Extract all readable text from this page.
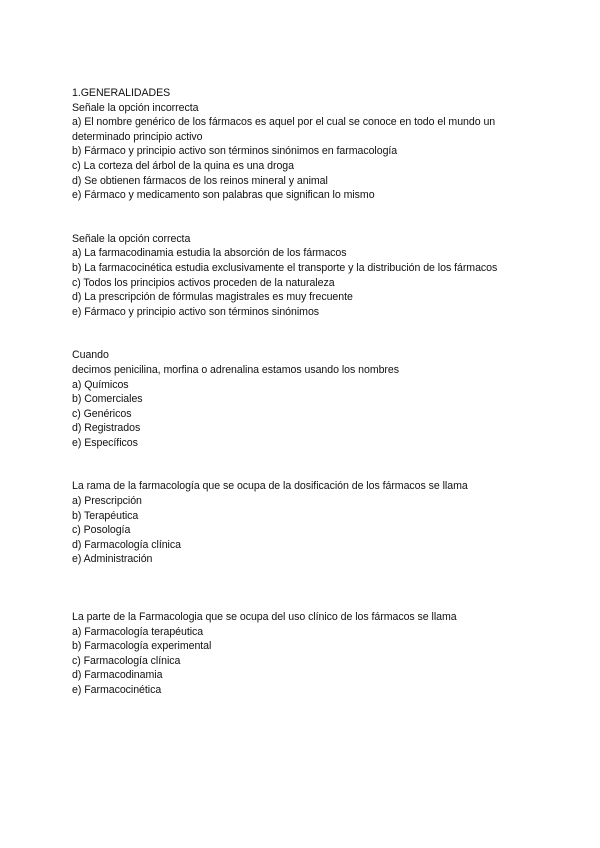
1.GENERALIDADES
Señale la opción incorrecta
a) El nombre genérico de los fármacos es aquel por el cual se conoce en todo el mundo un determinado principio activo
b) Fármaco y principio activo son términos sinónimos en farmacología
c) La corteza del árbol de la quina es una droga
d) Se obtienen fármacos de los reinos mineral y animal
e) Fármaco y medicamento son palabras que significan lo mismo
Señale la opción correcta
a) La farmacodinamia estudia la absorción de los fármacos
b) La farmacocinética estudia exclusivamente el transporte y la distribución de los fármacos
c) Todos los principios activos proceden de la naturaleza
d) La prescripción de fórmulas magistrales es muy frecuente
e) Fármaco y principio activo son términos sinónimos
Cuando
decimos penicilina, morfina o adrenalina estamos usando los nombres
a) Químicos
b) Comerciales
c) Genéricos
d) Registrados
e) Específicos
La rama de la farmacología que se ocupa de la dosificación de los fármacos se llama
a) Prescripción
b) Terapéutica
c) Posología
d) Farmacología clínica
e) Administración
La parte de la Farmacologia que se ocupa del uso clínico de los fármacos se llama
a) Farmacología terapéutica
b) Farmacología experimental
c) Farmacología clínica
d) Farmacodinamia
e) Farmacocinética
